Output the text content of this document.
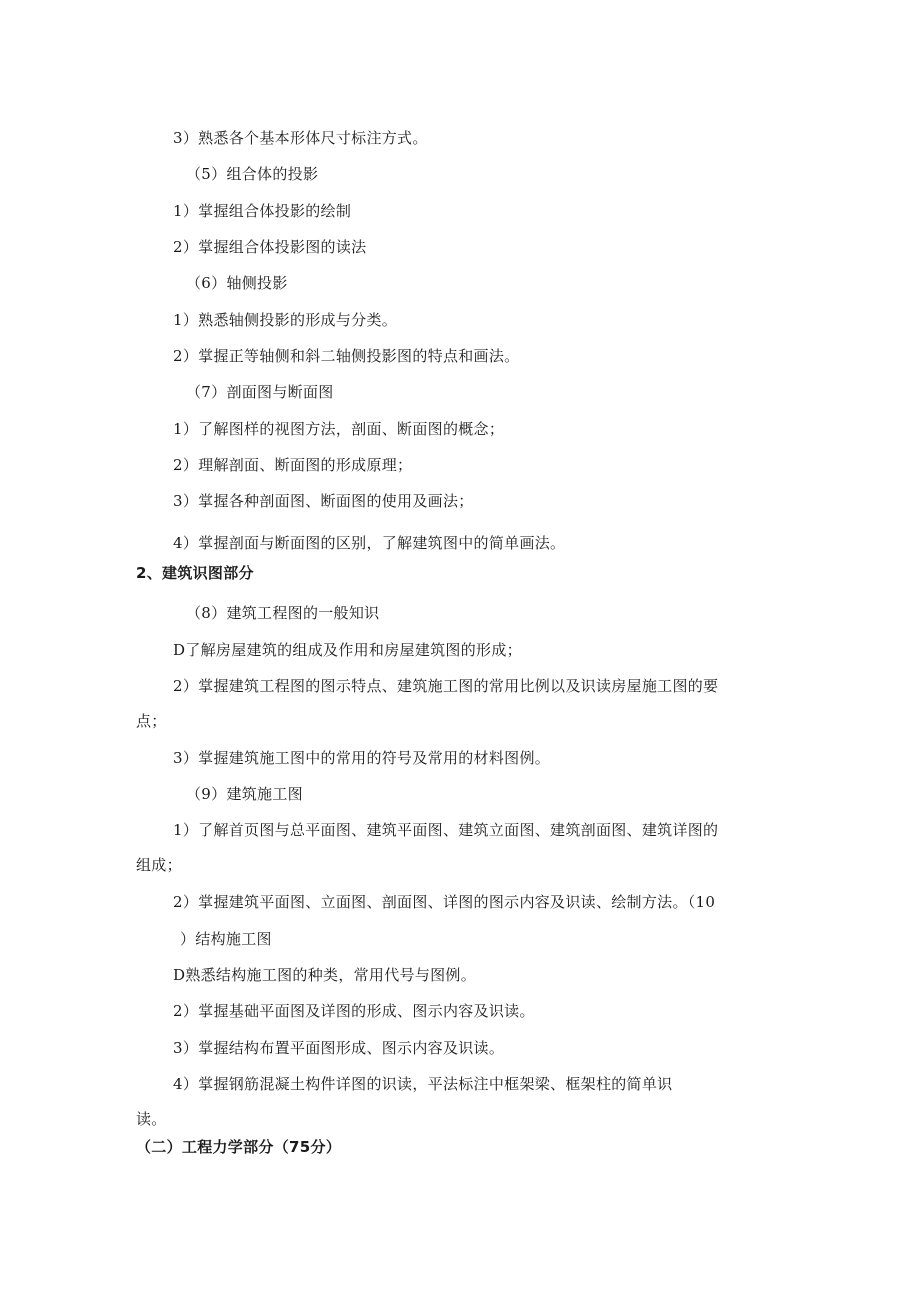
3）熟悉各个基本形体尺寸标注方式。

（5）组合体的投影

1）掌握组合体投影的绘制

2）掌握组合体投影图的读法

（6）轴侧投影

1）熟悉轴侧投影的形成与分类。

2）掌握正等轴侧和斜二轴侧投影图的特点和画法。

（7）剖面图与断面图

1）了解图样的视图方法，剖面、断面图的概念；

2）理解剖面、断面图的形成原理；

3）掌握各种剖面图、断面图的使用及画法；

4）掌握剖面与断面图的区别，了解建筑图中的简单画法。

2、建筑识图部分

（8）建筑工程图的一般知识

D了解房屋建筑的组成及作用和房屋建筑图的形成；

2）掌握建筑工程图的图示特点、建筑施工图的常用比例以及识读房屋施工图的要

点；

3）掌握建筑施工图中的常用的符号及常用的材料图例。

（9）建筑施工图

1）了解首页图与总平面图、建筑平面图、建筑立面图、建筑剖面图、建筑详图的

组成；

2）掌握建筑平面图、立面图、剖面图、详图的图示内容及识读、绘制方法。（10

）结构施工图

D熟悉结构施工图的种类，常用代号与图例。

2）掌握基础平面图及详图的形成、图示内容及识读。

3）掌握结构布置平面图形成、图示内容及识读。

4）掌握钢筋混凝土构件详图的识读，平法标注中框架梁、框架柱的简单识

读。

（二）工程力学部分（75分）
